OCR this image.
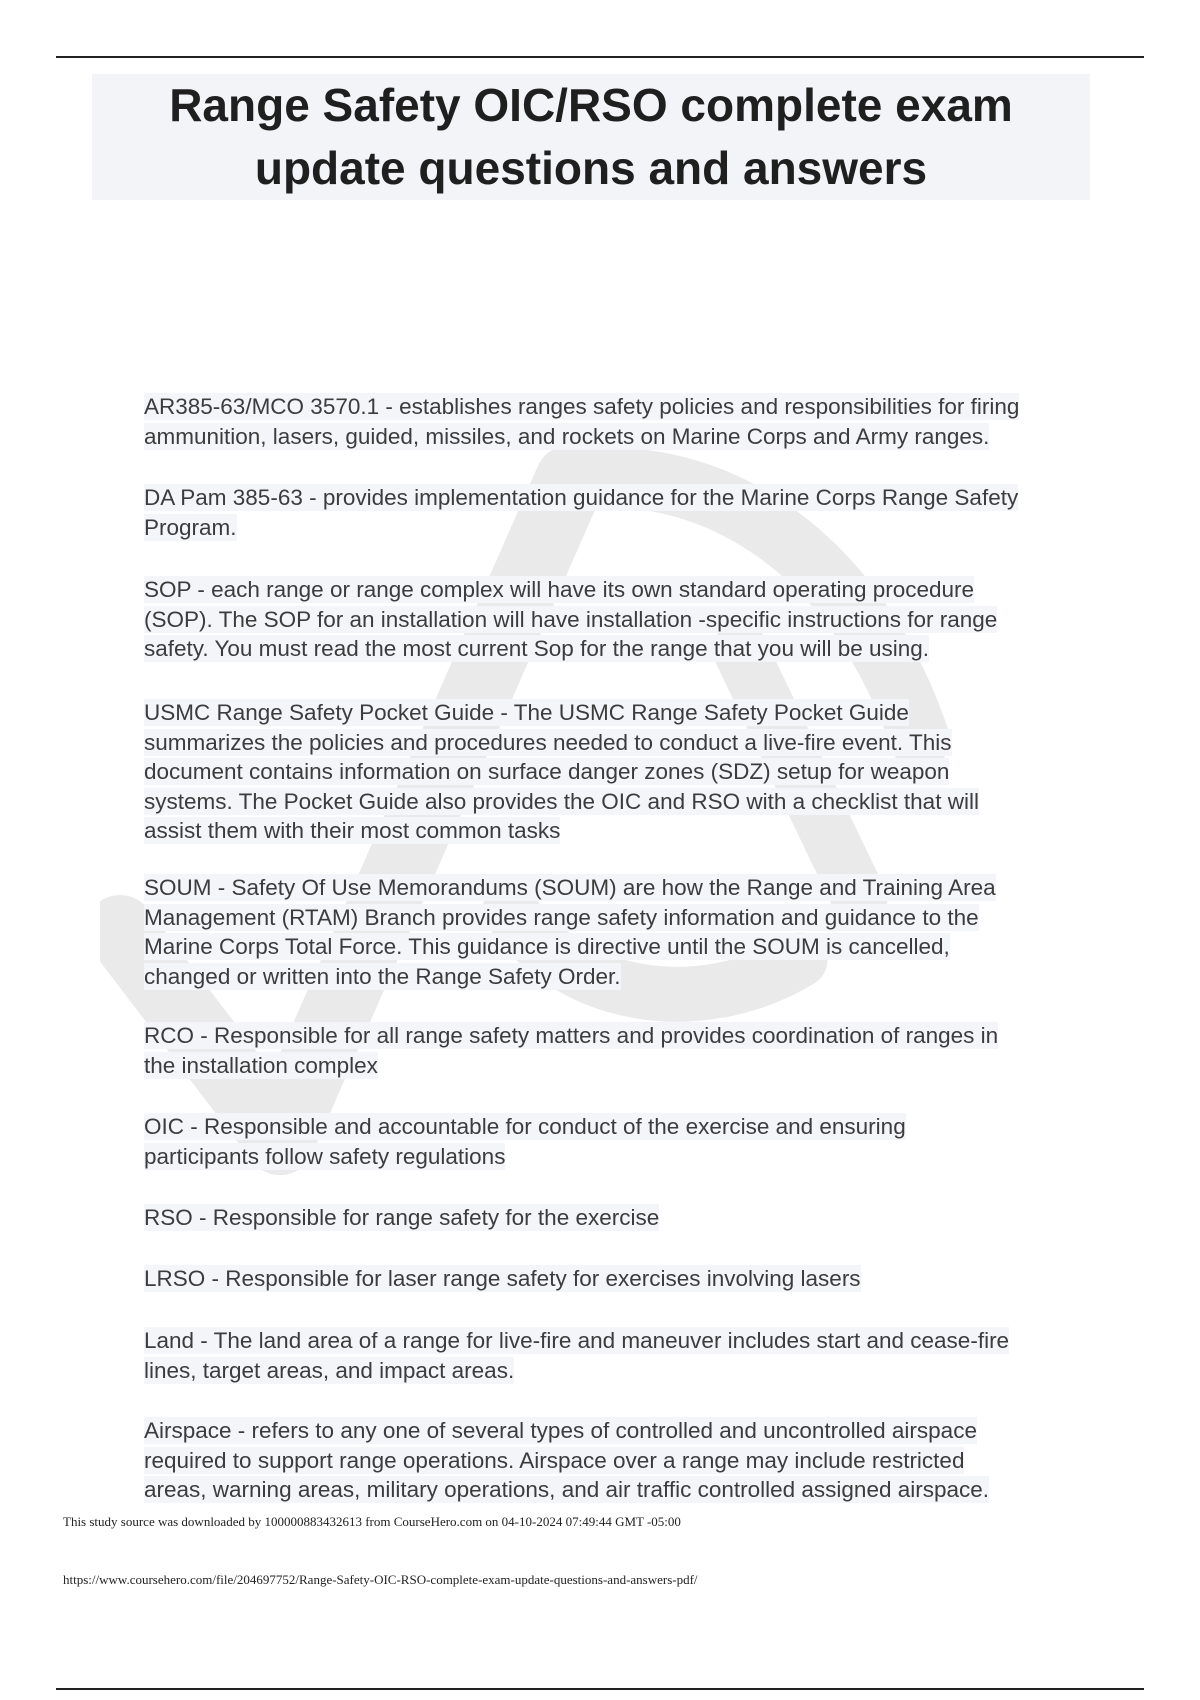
Range Safety OIC/RSO complete exam
update questions and answers
AR385-63/MCO 3570.1 - establishes ranges safety policies and responsibilities for firing
ammunition, lasers, guided, missiles, and rockets on Marine Corps and Army ranges.
DA Pam 385-63 - provides implementation guidance for the Marine Corps Range Safety
Program.
SOP - each range or range complex will have its own standard operating procedure
(SOP). The SOP for an installation will have installation -specific instructions for range
safety. You must read the most current Sop for the range that you will be using.
USMC Range Safety Pocket Guide - The USMC Range Safety Pocket Guide
summarizes the policies and procedures needed to conduct a live-fire event. This
document contains information on surface danger zones (SDZ) setup for weapon
systems. The Pocket Guide also provides the OIC and RSO with a checklist that will
assist them with their most common tasks
SOUM - Safety Of Use Memorandums (SOUM) are how the Range and Training Area
Management (RTAM) Branch provides range safety information and guidance to the
Marine Corps Total Force. This guidance is directive until the SOUM is cancelled,
changed or written into the Range Safety Order.
RCO - Responsible for all range safety matters and provides coordination of ranges in
the installation complex
OIC - Responsible and accountable for conduct of the exercise and ensuring
participants follow safety regulations
RSO - Responsible for range safety for the exercise
LRSO - Responsible for laser range safety for exercises involving lasers
Land - The land area of a range for live-fire and maneuver includes start and cease-fire
lines, target areas, and impact areas.
Airspace - refers to any one of several types of controlled and uncontrolled airspace
required to support range operations. Airspace over a range may include restricted
areas, warning areas, military operations, and air traffic controlled assigned airspace.
This study source was downloaded by 100000883432613 from CourseHero.com on 04-10-2024 07:49:44 GMT -05:00
https://www.coursehero.com/file/204697752/Range-Safety-OIC-RSO-complete-exam-update-questions-and-answers-pdf/
